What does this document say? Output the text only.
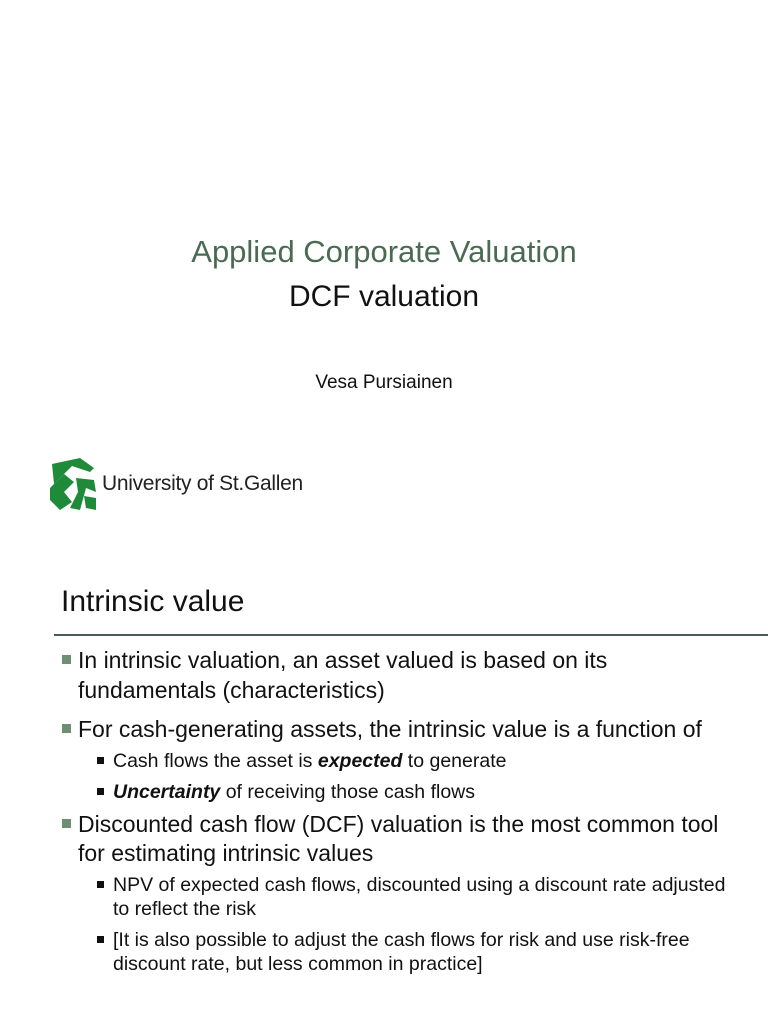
Applied Corporate Valuation
DCF valuation
Vesa Pursiainen
University of St.Gallen
Intrinsic value
In intrinsic valuation, an asset valued is based on its fundamentals (characteristics)
For cash-generating assets, the intrinsic value is a function of
Cash flows the asset is expected to generate
Uncertainty of receiving those cash flows
Discounted cash flow (DCF) valuation is the most common tool for estimating intrinsic values
NPV of expected cash flows, discounted using a discount rate adjusted to reflect the risk
[It is also possible to adjust the cash flows for risk and use risk-free discount rate, but less common in practice]
